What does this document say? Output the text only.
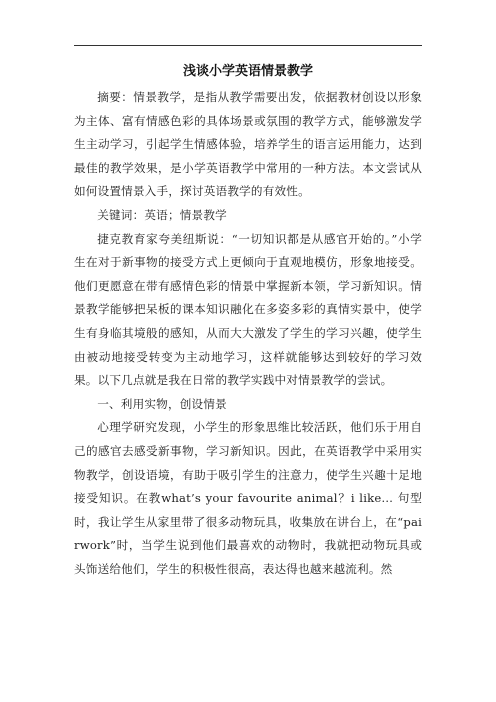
浅谈小学英语情景教学

摘要：情景教学，是指从教学需要出发，依据教材创设以形象为主体、富有情感色彩的具体场景或氛围的教学方式，能够激发学生主动学习，引起学生情感体验，培养学生的语言运用能力，达到最佳的教学效果，是小学英语教学中常用的一种方法。本文尝试从如何设置情景入手，探讨英语教学的有效性。

关键词：英语；情景教学

捷克教育家夸美纽斯说：“一切知识都是从感官开始的。”小学生在对于新事物的接受方式上更倾向于直观地模仿，形象地接受。他们更愿意在带有感情色彩的情景中掌握新本领，学习新知识。情景教学能够把呆板的课本知识融化在多姿多彩的真情实景中，使学生有身临其境般的感知，从而大大激发了学生的学习兴趣，使学生由被动地接受转变为主动地学习，这样就能够达到较好的学习效果。以下几点就是我在日常的教学实践中对情景教学的尝试。

一、利用实物，创设情景

心理学研究发现，小学生的形象思维比较活跃，他们乐于用自己的感官去感受新事物，学习新知识。因此，在英语教学中采用实物教学，创设语境，有助于吸引学生的注意力，使学生兴趣十足地接受知识。在教what’s your favourite animal？i like… 句型时，我让学生从家里带了很多动物玩具，收集放在讲台上，在“pairwork”时，当学生说到他们最喜欢的动物时，我就把动物玩具或头饰送给他们，学生的积极性很高，表达得也越来越流利。然
